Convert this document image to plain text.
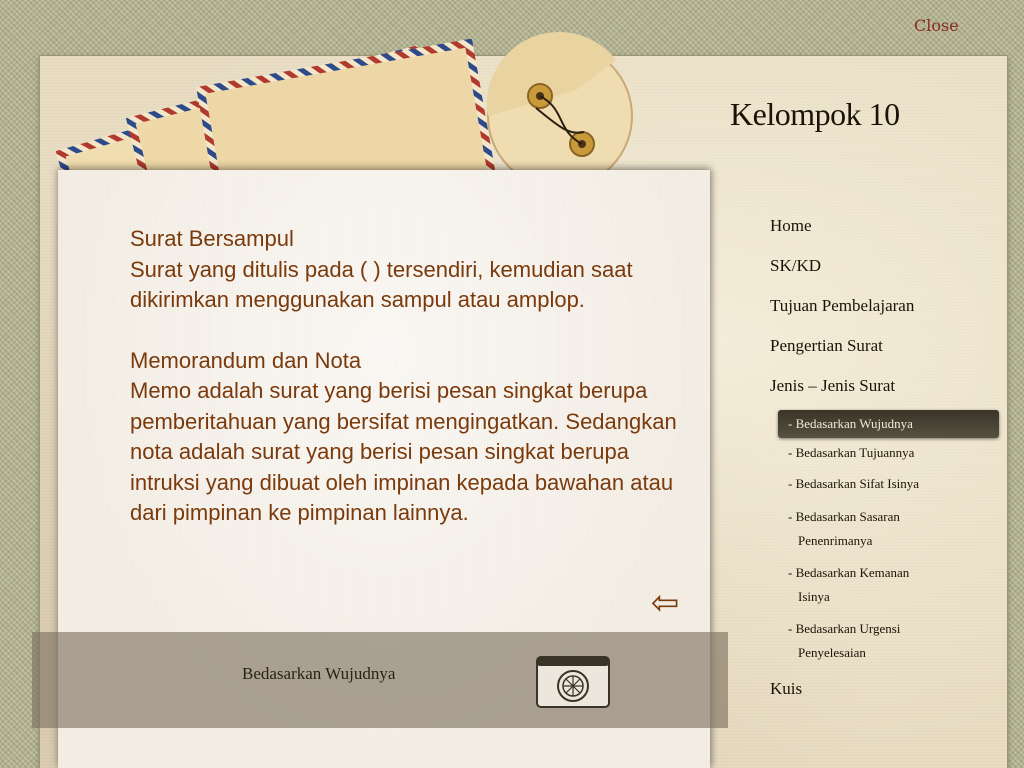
Close
Kelompok 10

Surat Bersampul

Surat yang ditulis pada ( ) tersendiri, kemudian saat dikirimkan menggunakan sampul atau amplop.

Memorandum dan Nota

Memo adalah surat yang berisi pesan singkat berupa pemberitahuan yang bersifat mengingatkan. Sedangkan nota adalah surat yang berisi pesan singkat berupa intruksi yang dibuat oleh impinan kepada bawahan atau dari pimpinan ke pimpinan lainnya.

⇦
Bedasarkan Wujudnya
Home
SK/KD
Tujuan Pembelajaran
Pengertian Surat
Jenis – Jenis Surat
- Bedasarkan Wujudnya
- Bedasarkan Tujuannya
- Bedasarkan Sifat Isinya
- Bedasarkan Sasaran
Penenrimanya
- Bedasarkan Kemanan
Isinya
- Bedasarkan Urgensi
Penyelesaian
Kuis
